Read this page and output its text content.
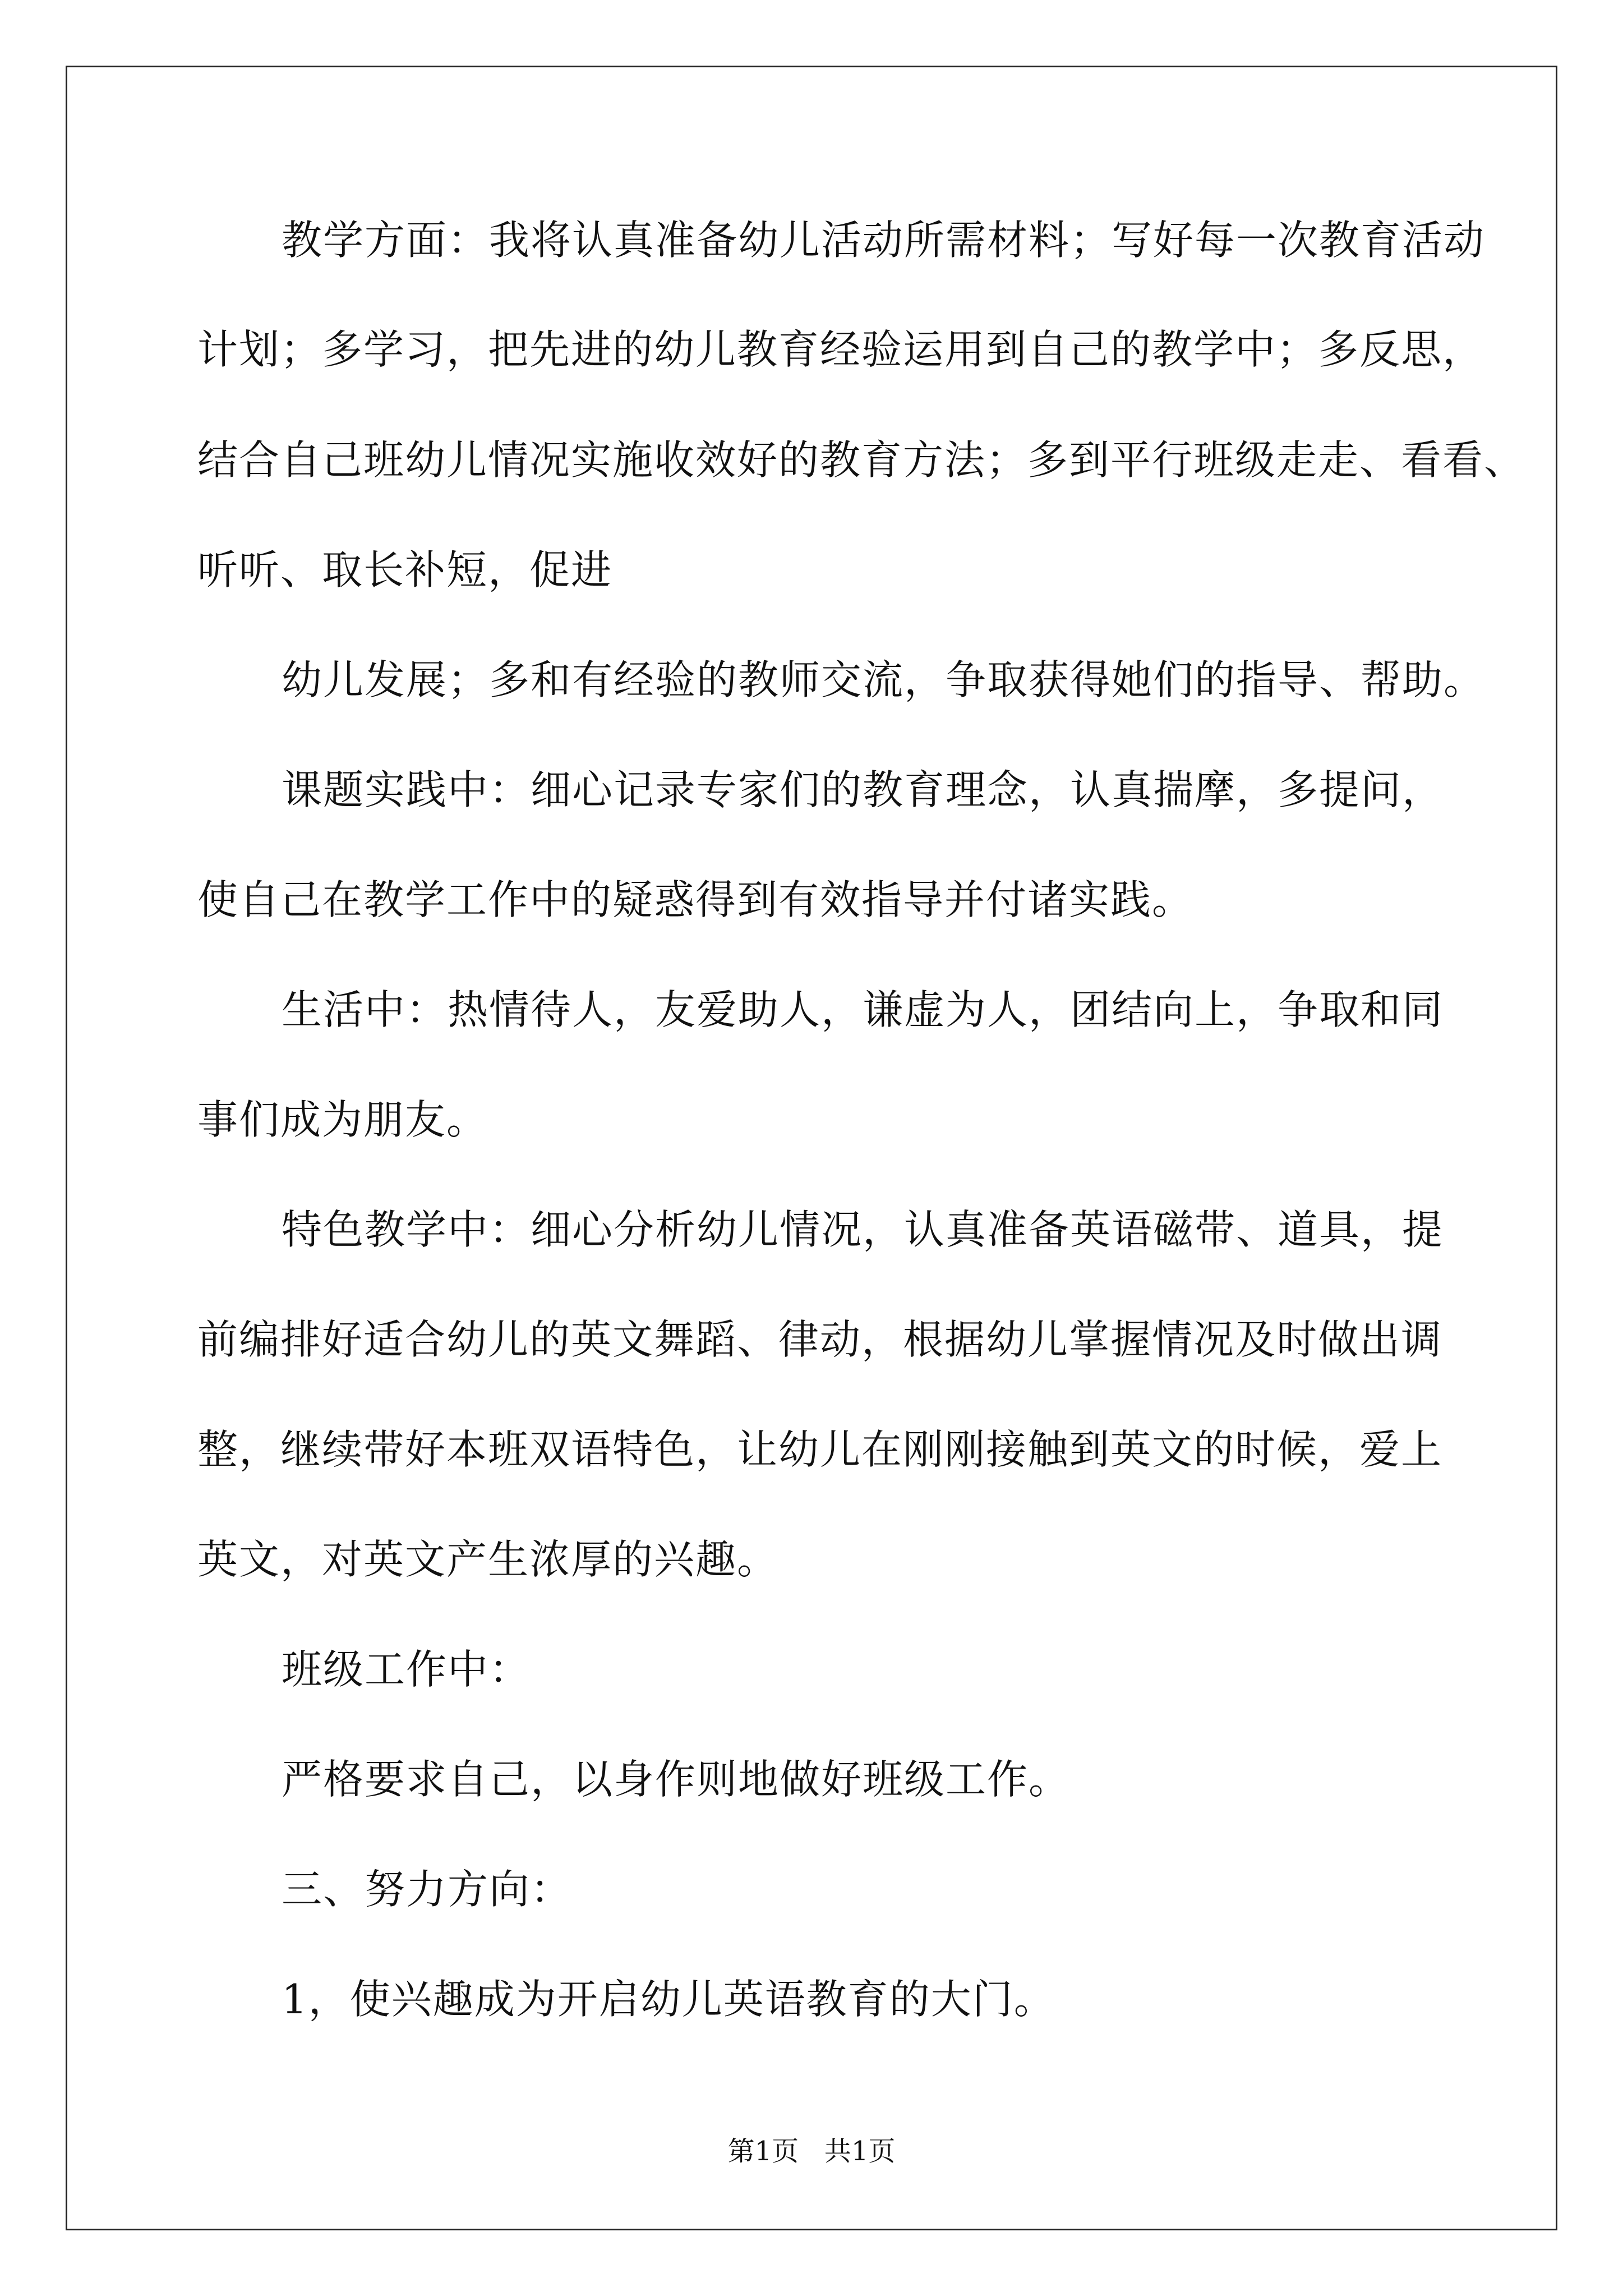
教学方面：我将认真准备幼儿活动所需材料；写好每一次教育活动
计划；多学习，把先进的幼儿教育经验运用到自己的教学中；多反思，
结合自己班幼儿情况实施收效好的教育方法；多到平行班级走走、看看、
听听、取长补短，促进
幼儿发展；多和有经验的教师交流，争取获得她们的指导、帮助。
课题实践中：细心记录专家们的教育理念，认真揣摩，多提问，
使自己在教学工作中的疑惑得到有效指导并付诸实践。
生活中：热情待人，友爱助人，谦虚为人，团结向上，争取和同
事们成为朋友。
特色教学中：细心分析幼儿情况，认真准备英语磁带、道具，提
前编排好适合幼儿的英文舞蹈、律动，根据幼儿掌握情况及时做出调
整，继续带好本班双语特色，让幼儿在刚刚接触到英文的时候，爱上
英文，对英文产生浓厚的兴趣。
班级工作中：
严格要求自己，以身作则地做好班级工作。
三、努力方向：
1，使兴趣成为开启幼儿英语教育的大门。
第1页   共1页
